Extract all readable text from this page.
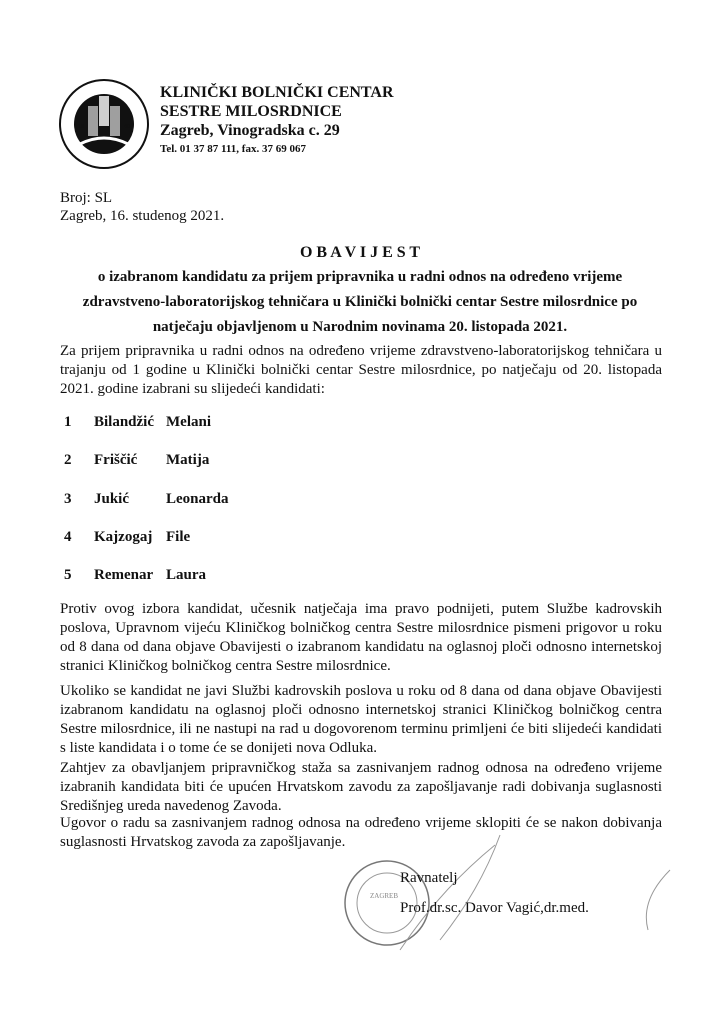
18	46
KLINIČKI BOLNIČKI CENTAR
SESTRE MILOSRDNICE
Zagreb, Vinogradska c. 29
Tel. 01 37 87 111, fax. 37 69 067
Broj: SL
Zagreb, 16. studenog 2021.
O B A V I J E S T
o izabranom kandidatu za prijem pripravnika u radni odnos na određeno vrijeme
zdravstveno-laboratorijskog tehničara u Klinički bolnički centar Sestre milosrdnice po
natječaju objavljenom u Narodnim novinama 20. listopada 2021.
Za prijem pripravnika u radni odnos na određeno vrijeme zdravstveno-laboratorijskog tehničara u trajanju od 1 godine u Klinički bolnički centar Sestre milosrdnice, po natječaju od 20. listopada 2021. godine izabrani su slijedeći kandidati:
1 Bilandžić Melani
2 Friščić Matija
3 Jukić Leonarda
4 Kajzogaj File
5 Remenar Laura
Protiv ovog izbora kandidat, učesnik natječaja ima pravo podnijeti, putem Službe kadrovskih poslova, Upravnom vijeću Kliničkog bolničkog centra Sestre milosrdnice pismeni prigovor u roku od 8 dana od dana objave Obavijesti o izabranom kandidatu na oglasnoj ploči odnosno internetskoj stranici Kliničkog bolničkog centra Sestre milosrdnice.
Ukoliko se kandidat ne javi Službi kadrovskih poslova u roku od 8 dana od dana objave Obavijesti izabranom kandidatu na oglasnoj ploči odnosno internetskoj stranici Kliničkog bolničkog centra Sestre milosrdnice, ili ne nastupi na rad u dogovorenom terminu primljeni će biti slijedeći kandidati s liste kandidata i o tome će se donijeti nova Odluka.
Zahtjev za obavljanjem pripravničkog staža sa zasnivanjem radnog odnosa na određeno vrijeme izabranih kandidata biti će upućen Hrvatskom zavodu za zapošljavanje radi dobivanja suglasnosti Središnjeg ureda navedenog Zavoda.
Ugovor o radu sa zasnivanjem radnog odnosa na određeno vrijeme sklopiti će se nakon dobivanja suglasnosti Hrvatskog zavoda za zapošljavanje.
ZAGREB
Ravnatelj
Prof.dr.sc. Davor Vagić,dr.med.
